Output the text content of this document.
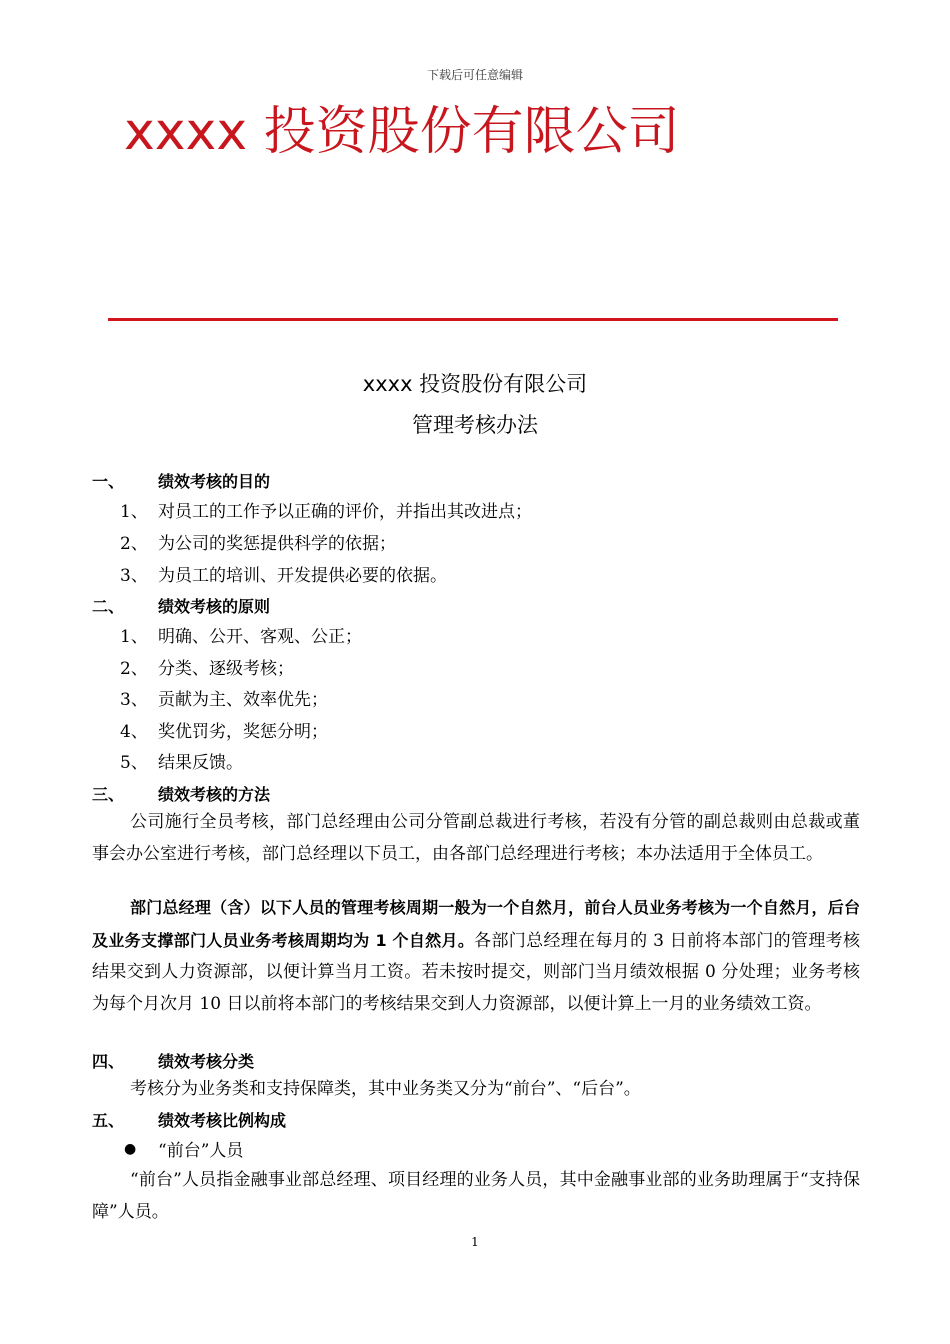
下载后可任意编辑
xxxx 投资股份有限公司
xxxx 投资股份有限公司
管理考核办法
一、 绩效考核的目的
1、 对员工的工作予以正确的评价，并指出其改进点；
2、 为公司的奖惩提供科学的依据；
3、 为员工的培训、开发提供必要的依据。
二、 绩效考核的原则
1、 明确、公开、客观、公正；
2、 分类、逐级考核；
3、 贡献为主、效率优先；
4、 奖优罚劣，奖惩分明；
5、 结果反馈。
三、 绩效考核的方法
公司施行全员考核，部门总经理由公司分管副总裁进行考核，若没有分管的副总裁则由总裁或董事会办公室进行考核，部门总经理以下员工，由各部门总经理进行考核；本办法适用于全体员工。
部门总经理（含）以下人员的管理考核周期一般为一个自然月，前台人员业务考核为一个自然月，后台及业务支撑部门人员业务考核周期均为 1 个自然月。各部门总经理在每月的 3 日前将本部门的管理考核结果交到人力资源部，以便计算当月工资。若未按时提交，则部门当月绩效根据 0 分处理；业务考核为每个月次月 10 日以前将本部门的考核结果交到人力资源部，以便计算上一月的业务绩效工资。
四、 绩效考核分类
考核分为业务类和支持保障类，其中业务类又分为“前台”、“后台”。
五、 绩效考核比例构成
● “前台”人员
“前台”人员指金融事业部总经理、项目经理的业务人员，其中金融事业部的业务助理属于“支持保障”人员。
1
